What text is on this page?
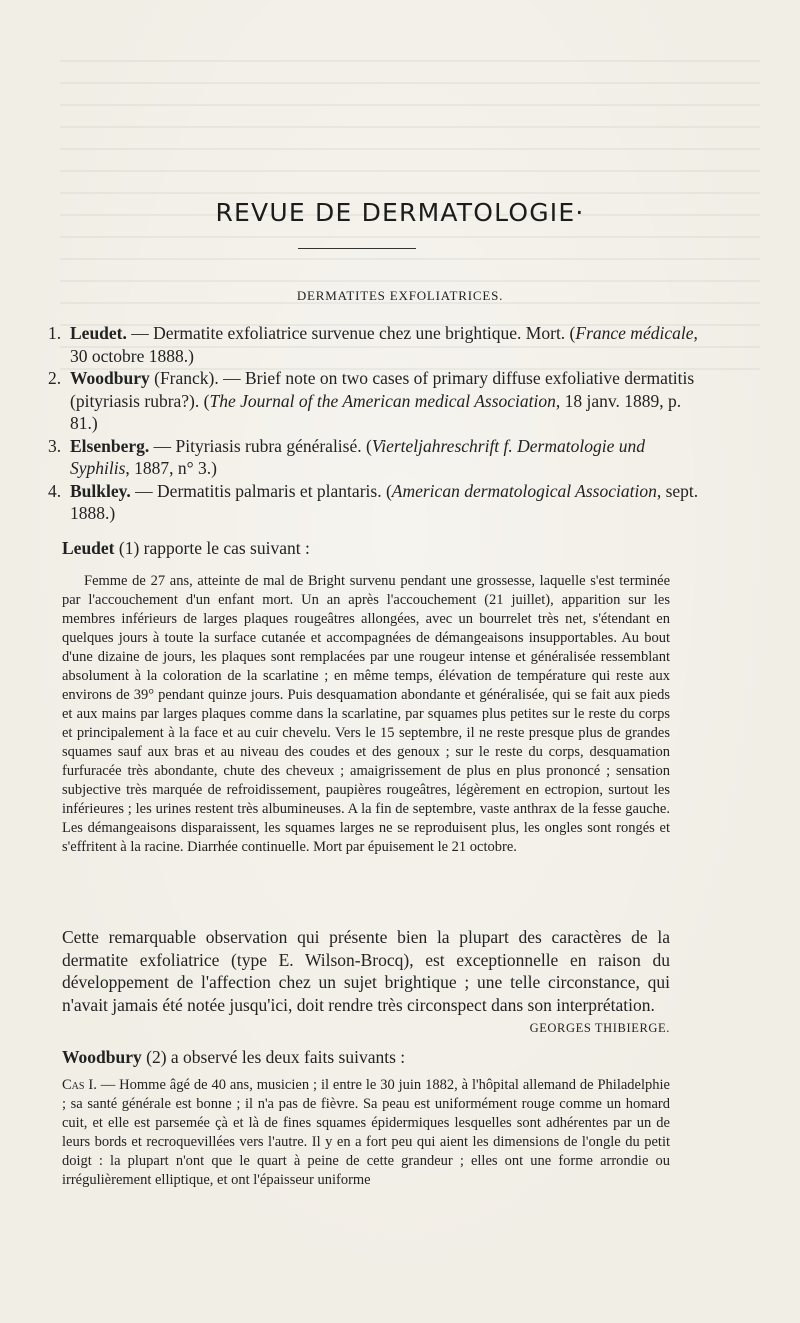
REVUE DE DERMATOLOGIE·
DERMATITES EXFOLIATRICES.

1. Leudet. — Dermatite exfoliatrice survenue chez une brightique. Mort. (France médicale, 30 octobre 1888.)

2. Woodbury (Franck). — Brief note on two cases of primary diffuse exfoliative dermatitis (pityriasis rubra?). (The Journal of the American medical Association, 18 janv. 1889, p. 81.)

3. Elsenberg. — Pityriasis rubra généralisé. (Vierteljahreschrift f. Dermatologie und Syphilis, 1887, n° 3.)

4. Bulkley. — Dermatitis palmaris et plantaris. (American dermatological Association, sept. 1888.)

Leudet (1) rapporte le cas suivant :

Femme de 27 ans, atteinte de mal de Bright survenu pendant une grossesse, laquelle s'est terminée par l'accouchement d'un enfant mort. Un an après l'accouchement (21 juillet), apparition sur les membres inférieurs de larges plaques rougeâtres allongées, avec un bourrelet très net, s'étendant en quelques jours à toute la surface cutanée et accompagnées de démangeaisons insupportables. Au bout d'une dizaine de jours, les plaques sont remplacées par une rougeur intense et généralisée ressemblant absolument à la coloration de la scarlatine ; en même temps, élévation de température qui reste aux environs de 39° pendant quinze jours. Puis desquamation abondante et généralisée, qui se fait aux pieds et aux mains par larges plaques comme dans la scarlatine, par squames plus petites sur le reste du corps et principalement à la face et au cuir chevelu. Vers le 15 septembre, il ne reste presque plus de grandes squames sauf aux bras et au niveau des coudes et des genoux ; sur le reste du corps, desquamation furfuracée très abondante, chute des cheveux ; amaigrissement de plus en plus prononcé ; sensation subjective très marquée de refroidissement, paupières rougeâtres, légèrement en ectropion, surtout les inférieures ; les urines restent très albumineuses. A la fin de septembre, vaste anthrax de la fesse gauche. Les démangeaisons disparaissent, les squames larges ne se reproduisent plus, les ongles sont rongés et s'effritent à la racine. Diarrhée continuelle. Mort par épuisement le 21 octobre.

Cette remarquable observation qui présente bien la plupart des caractères de la dermatite exfoliatrice (type E. Wilson-Brocq), est exceptionnelle en raison du développement de l'affection chez un sujet brightique ; une telle circonstance, qui n'avait jamais été notée jusqu'ici, doit rendre très circonspect dans son interprétation.
GEORGES THIBIERGE.

Woodbury (2) a observé les deux faits suivants :

Cas I. — Homme âgé de 40 ans, musicien ; il entre le 30 juin 1882, à l'hôpital allemand de Philadelphie ; sa santé générale est bonne ; il n'a pas de fièvre. Sa peau est uniformément rouge comme un homard cuit, et elle est parsemée çà et là de fines squames épidermiques lesquelles sont adhérentes par un de leurs bords et recroquevillées vers l'autre. Il y en a fort peu qui aient les dimensions de l'ongle du petit doigt : la plupart n'ont que le quart à peine de cette grandeur ; elles ont une forme arrondie ou irrégulièrement elliptique, et ont l'épaisseur uniforme
